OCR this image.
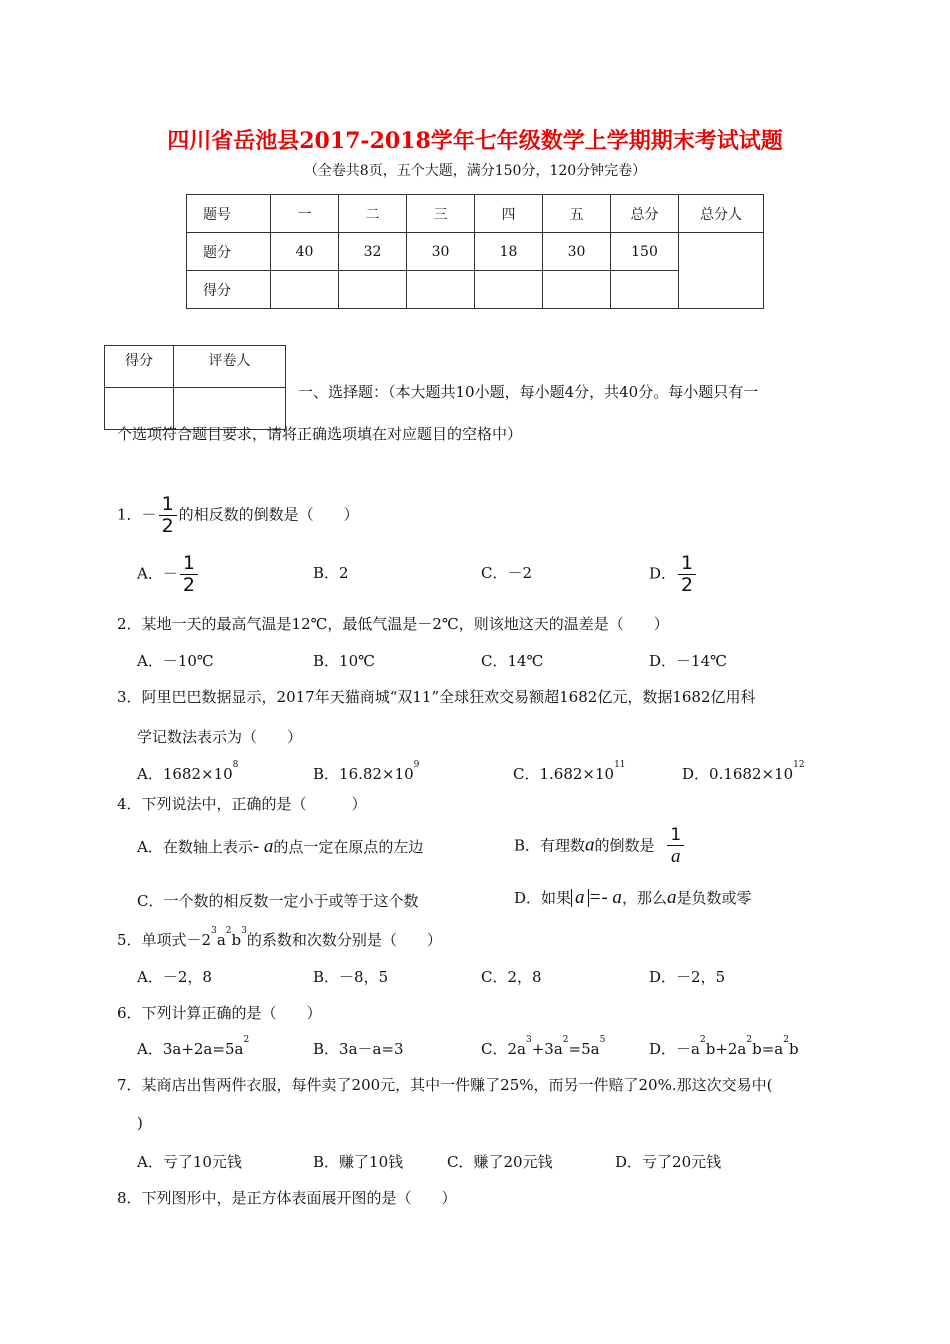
四川省岳池县2017-2018学年七年级数学上学期期末考试试题
（全卷共8页，五个大题，满分150分，120分钟完卷）
题号	一	二	三	四	五	总分	总分人
题分	40	32	30	18	30	150	
得分							
得分	评卷人

一、选择题：（本大题共10小题，每小题4分，共40分。每小题只有一
个选项符合题目要求，请将正确选项填在对应题目的空格中）
1．－ $\frac{1}{2}$ 的相反数的倒数是（　　）
A．－ $\frac{1}{2}$	B．2	C．－2	D． $\frac{1}{2}$
2．某地一天的最高气温是12℃，最低气温是－2℃，则该地这天的温差是（　　）
A．－10℃	B．10℃	C．14℃	D．－14℃
3．阿里巴巴数据显示，2017年天猫商城“双11”全球狂欢交易额超1682亿元，数据1682亿用科
学记数法表示为（　　）
A．$1682\times 10^8$	B．$16.82\times 10^9$	C．$1.682\times 10^{11}$	D．$0.1682\times 10^{12}$
4．下列说法中，正确的是（　　　）
A．在数轴上表示- a的点一定在原点的左边	B．有理数a的倒数是 $\frac{1}{a}$
C．一个数的相反数一定小于或等于这个数	D．如果 a =- a，那么a是负数或零
5．单项式$-2^3a^2b^3$的系数和次数分别是（　　）
A．－2，8	B．－8，5	C．2，8	D．－2，5
6．下列计算正确的是（　　）
A．$3a+2a=5a^2$	B．3a－a=3	C．$2a^3+3a^2=5a^5$	D．$-a^2b+2a^2b=a^2b$
7．某商店出售两件衣服，每件卖了200元，其中一件赚了25%，而另一件赔了20%.那这次交易中(
)
A．亏了10元钱	B．赚了10钱	C．赚了20元钱	D．亏了20元钱
8．下列图形中，是正方体表面展开图的是（　　）
